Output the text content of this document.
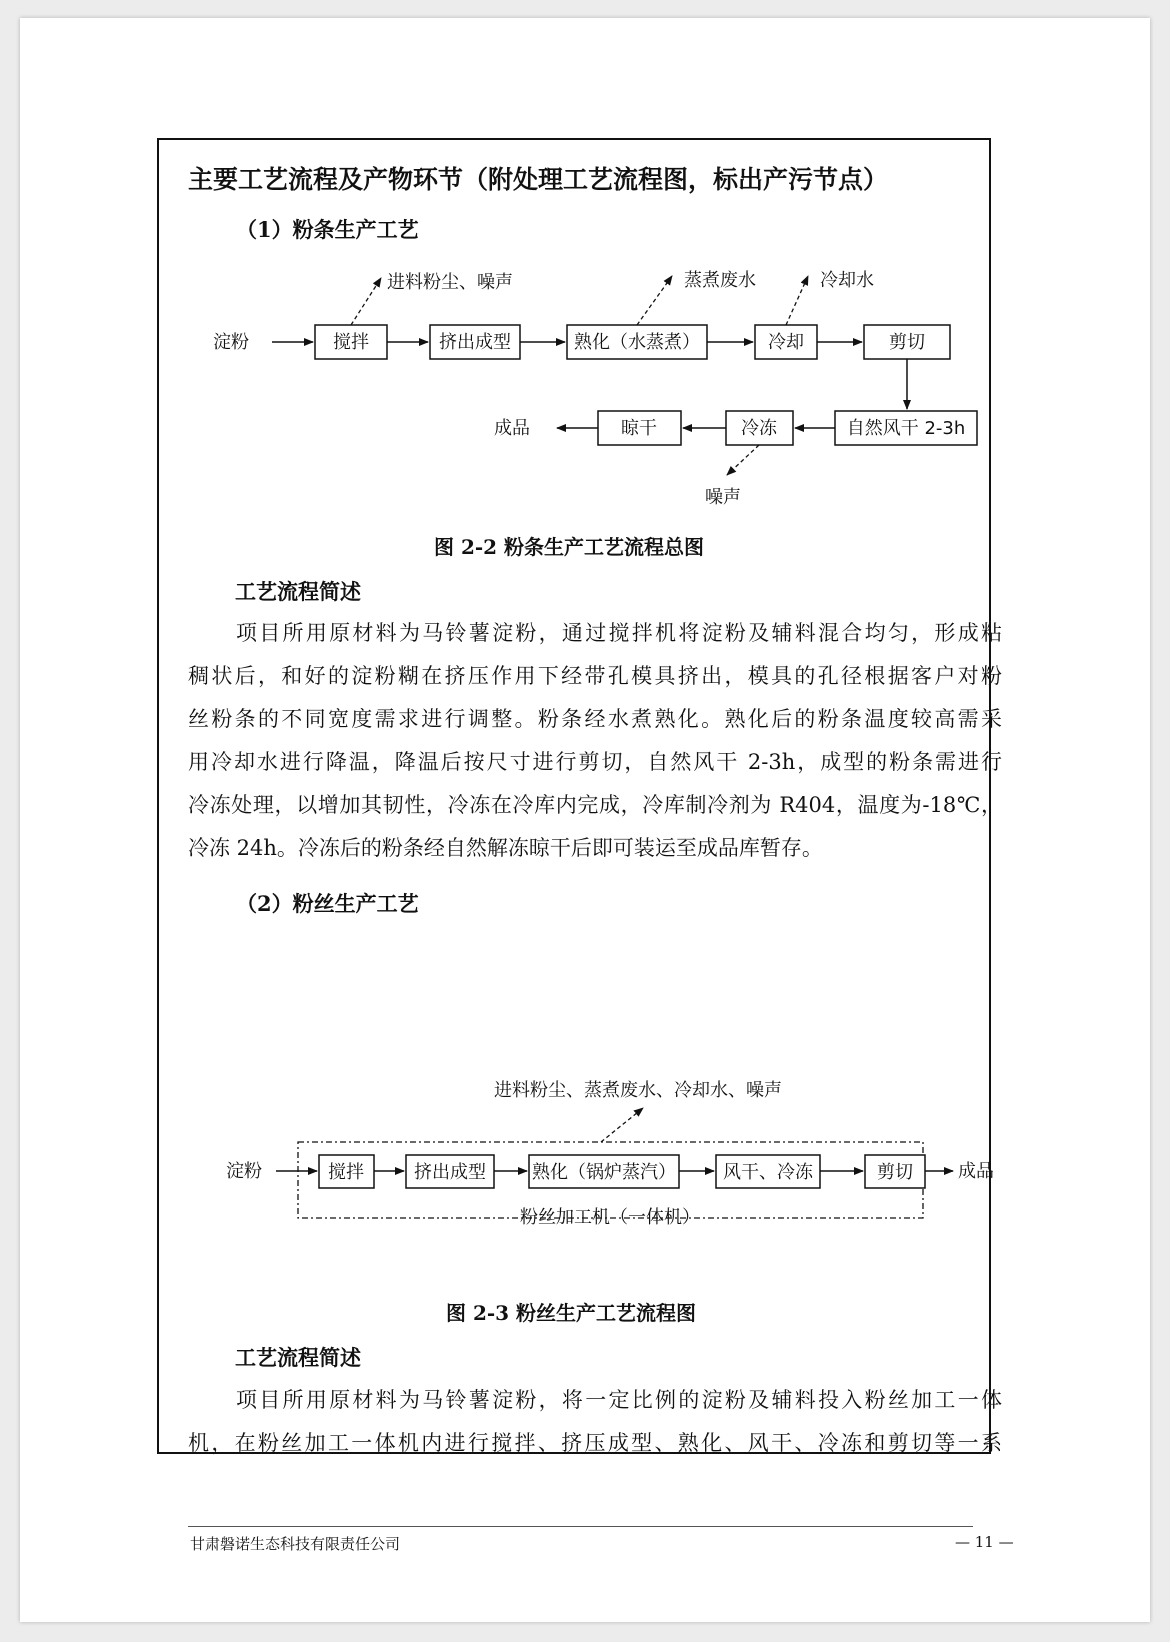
主要工艺流程及产物环节（附处理工艺流程图，标出产污节点）
（1）粉条生产工艺
淀粉	搅拌	挤出成型	熟化（水蒸煮）	冷却	剪切
自然风干 2-3h
冷冻
晾干
成品
进料粉尘、噪声	蒸煮废水	冷却水
噪声
图 2-2 粉条生产工艺流程总图
工艺流程简述
项目所用原材料为马铃薯淀粉，通过搅拌机将淀粉及辅料混合均匀，形成粘
稠状后，和好的淀粉糊在挤压作用下经带孔模具挤出，模具的孔径根据客户对粉
丝粉条的不同宽度需求进行调整。粉条经水煮熟化。熟化后的粉条温度较高需采
用冷却水进行降温，降温后按尺寸进行剪切，自然风干 2-3h，成型的粉条需进行
冷冻处理，以增加其韧性，冷冻在冷库内完成，冷库制冷剂为 R404，温度为-18℃，
冷冻 24h。冷冻后的粉条经自然解冻晾干后即可装运至成品库暂存。
（2）粉丝生产工艺
进料粉尘、蒸煮废水、冷却水、噪声
淀粉	搅拌	挤出成型	熟化（锅炉蒸汽）	风干、冷冻	剪切	成品
粉丝加工机（一体机）
图 2-3 粉丝生产工艺流程图
工艺流程简述
项目所用原材料为马铃薯淀粉，将一定比例的淀粉及辅料投入粉丝加工一体
机，在粉丝加工一体机内进行搅拌、挤压成型、熟化、风干、冷冻和剪切等一系
甘肃磐诺生态科技有限责任公司	— 11 —
